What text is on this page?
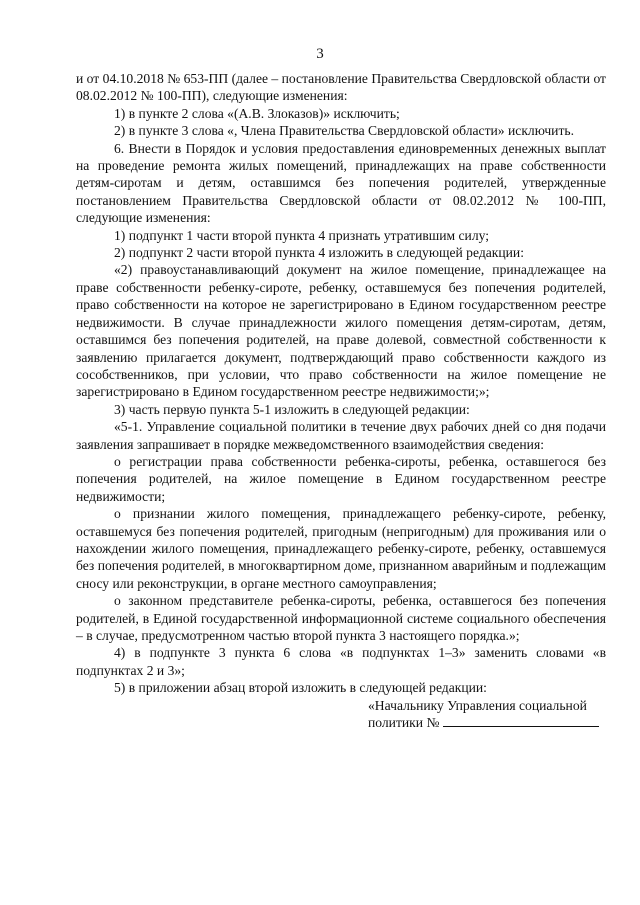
3

и от 04.10.2018 № 653-ПП (далее – постановление Правительства Свердловской области от 08.02.2012 № 100-ПП), следующие изменения:

1) в пункте 2 слова «(А.В. Злоказов)» исключить;

2) в пункте 3 слова «, Члена Правительства Свердловской области» исключить.

6. Внести в Порядок и условия предоставления единовременных денежных выплат на проведение ремонта жилых помещений, принадлежащих на праве собственности детям-сиротам и детям, оставшимся без попечения родителей, утвержденные постановлением Правительства Свердловской области от 08.02.2012 № 100-ПП, следующие изменения:

1) подпункт 1 части второй пункта 4 признать утратившим силу;

2) подпункт 2 части второй пункта 4 изложить в следующей редакции:

«2) правоустанавливающий документ на жилое помещение, принадлежащее на праве собственности ребенку-сироте, ребенку, оставшемуся без попечения родителей, право собственности на которое не зарегистрировано в Едином государственном реестре недвижимости. В случае принадлежности жилого помещения детям-сиротам, детям, оставшимся без попечения родителей, на праве долевой, совместной собственности к заявлению прилагается документ, подтверждающий право собственности каждого из сособственников, при условии, что право собственности на жилое помещение не зарегистрировано в Едином государственном реестре недвижимости;»;

3) часть первую пункта 5-1 изложить в следующей редакции:

«5-1. Управление социальной политики в течение двух рабочих дней со дня подачи заявления запрашивает в порядке межведомственного взаимодействия сведения:

о регистрации права собственности ребенка-сироты, ребенка, оставшегося без попечения родителей, на жилое помещение в Едином государственном реестре недвижимости;

о признании жилого помещения, принадлежащего ребенку-сироте, ребенку, оставшемуся без попечения родителей, пригодным (непригодным) для проживания или о нахождении жилого помещения, принадлежащего ребенку-сироте, ребенку, оставшемуся без попечения родителей, в многоквартирном доме, признанном аварийным и подлежащим сносу или реконструкции, в органе местного самоуправления;

о законном представителе ребенка-сироты, ребенка, оставшегося без попечения родителей, в Единой государственной информационной системе социального обеспечения – в случае, предусмотренном частью второй пункта 3 настоящего порядка.»;

4) в подпункте 3 пункта 6 слова «в подпунктах 1–3» заменить словами «в подпунктах 2 и 3»;

5) в приложении абзац второй изложить в следующей редакции:

«Начальнику Управления социальной
политики №
